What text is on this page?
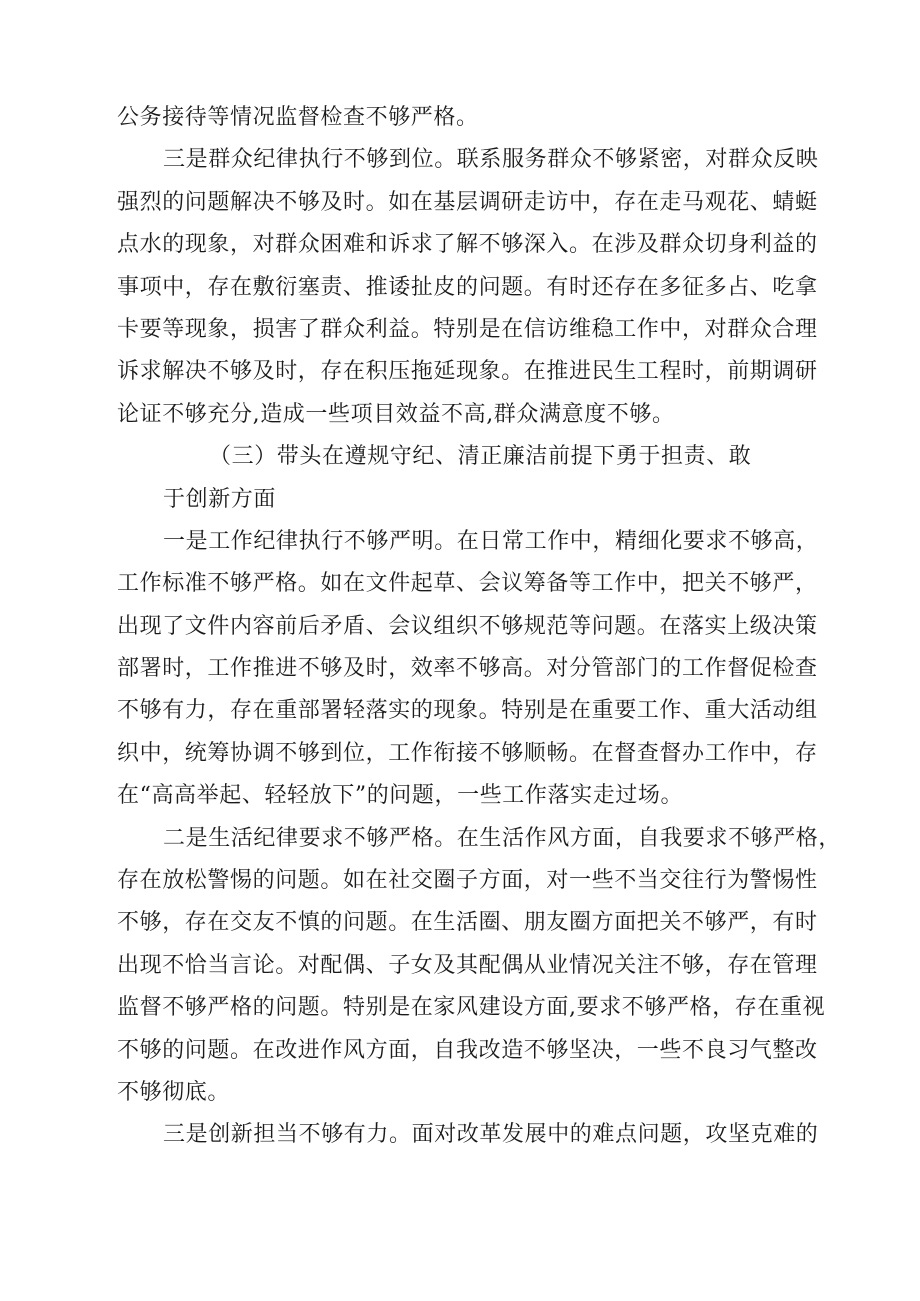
公务接待等情况监督检查不够严格。
三是群众纪律执行不够到位。联系服务群众不够紧密，对群众反映
强烈的问题解决不够及时。如在基层调研走访中，存在走马观花、蜻蜓
点水的现象，对群众困难和诉求了解不够深入。在涉及群众切身利益的
事项中，存在敷衍塞责、推诿扯皮的问题。有时还存在多征多占、吃拿
卡要等现象，损害了群众利益。特别是在信访维稳工作中，对群众合理
诉求解决不够及时，存在积压拖延现象。在推进民生工程时，前期调研
论证不够充分,造成一些项目效益不高,群众满意度不够。
（三）带头在遵规守纪、清正廉洁前提下勇于担责、敢
于创新方面
一是工作纪律执行不够严明。在日常工作中，精细化要求不够高，
工作标准不够严格。如在文件起草、会议筹备等工作中，把关不够严，
出现了文件内容前后矛盾、会议组织不够规范等问题。在落实上级决策
部署时，工作推进不够及时，效率不够高。对分管部门的工作督促检查
不够有力，存在重部署轻落实的现象。特别是在重要工作、重大活动组
织中，统筹协调不够到位，工作衔接不够顺畅。在督查督办工作中，存
在“高高举起、轻轻放下”的问题，一些工作落实走过场。
二是生活纪律要求不够严格。在生活作风方面，自我要求不够严格，
存在放松警惕的问题。如在社交圈子方面，对一些不当交往行为警惕性
不够，存在交友不慎的问题。在生活圈、朋友圈方面把关不够严，有时
出现不恰当言论。对配偶、子女及其配偶从业情况关注不够，存在管理
监督不够严格的问题。特别是在家风建设方面,要求不够严格，存在重视
不够的问题。在改进作风方面，自我改造不够坚决，一些不良习气整改
不够彻底。
三是创新担当不够有力。面对改革发展中的难点问题，攻坚克难的
